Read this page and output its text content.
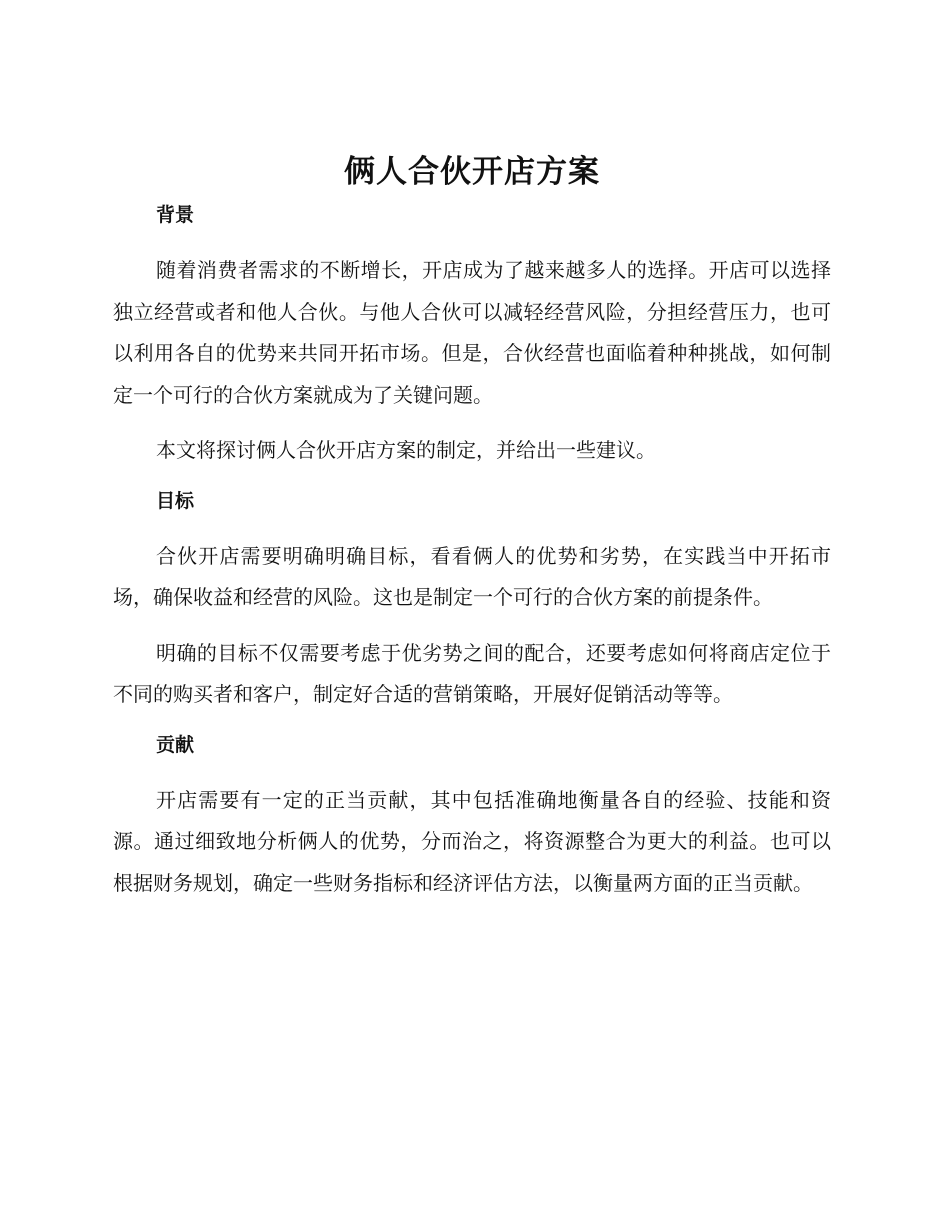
俩人合伙开店方案
背景

随着消费者需求的不断增长，开店成为了越来越多人的选择。开店可以选择独立经营或者和他人合伙。与他人合伙可以减轻经营风险，分担经营压力，也可以利用各自的优势来共同开拓市场。但是，合伙经营也面临着种种挑战，如何制定一个可行的合伙方案就成为了关键问题。

本文将探讨俩人合伙开店方案的制定，并给出一些建议。

目标

合伙开店需要明确明确目标，看看俩人的优势和劣势，在实践当中开拓市场，确保收益和经营的风险。这也是制定一个可行的合伙方案的前提条件。

明确的目标不仅需要考虑于优劣势之间的配合，还要考虑如何将商店定位于不同的购买者和客户，制定好合适的营销策略，开展好促销活动等等。

贡献

开店需要有一定的正当贡献，其中包括准确地衡量各自的经验、技能和资源。通过细致地分析俩人的优势，分而治之，将资源整合为更大的利益。也可以根据财务规划，确定一些财务指标和经济评估方法，以衡量两方面的正当贡献。
